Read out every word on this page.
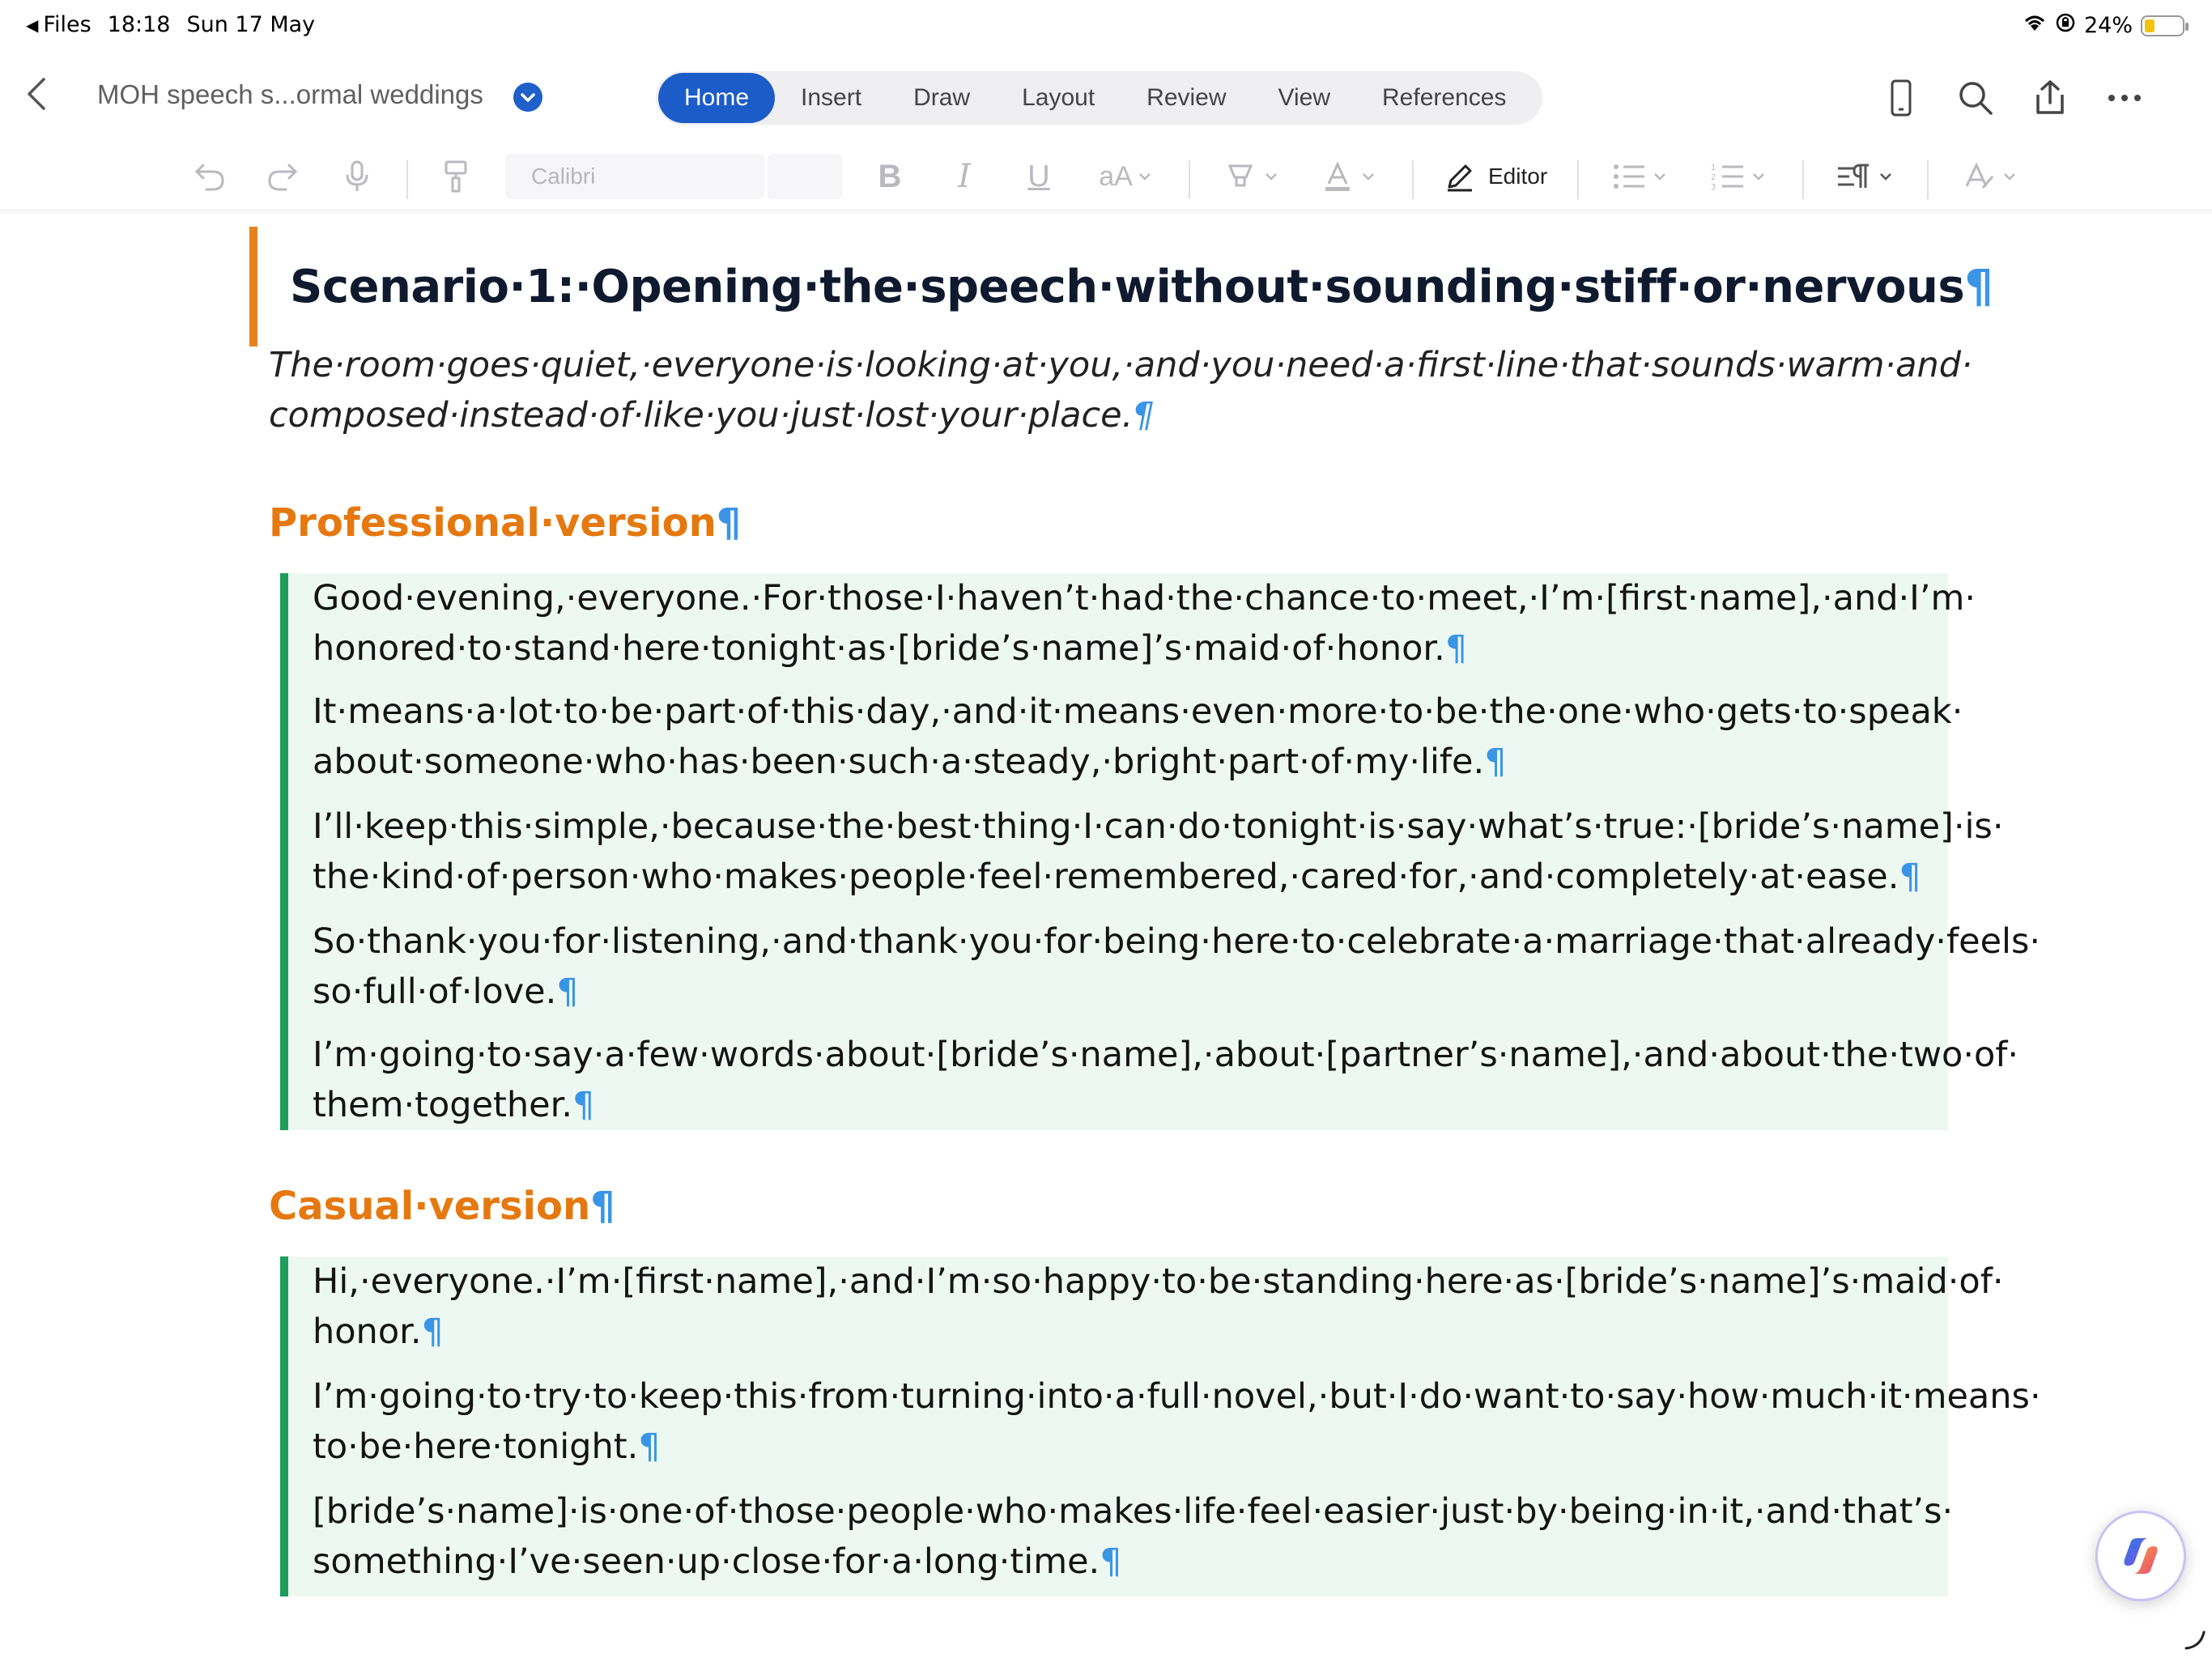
◀ Files 18:18 Sun 17 May	24%
MOH speech s...ormal weddings	Home	Insert	Draw	Layout	Review	View	References
Calibri	B	I	U	aA	Editor	1
2
3
Scenario·1:·Opening·the·speech·without·sounding·stiff·or·nervous¶
The·room·goes·quiet,·everyone·is·looking·at·you,·and·you·need·a·first·line·that·sounds·warm·and·
composed·instead·of·like·you·just·lost·your·place.¶
Professional·version¶
Good·evening,·everyone.·For·those·I·haven’t·had·the·chance·to·meet,·I’m·[first·name],·and·I’m·
honored·to·stand·here·tonight·as·[bride’s·name]’s·maid·of·honor.¶
It·means·a·lot·to·be·part·of·this·day,·and·it·means·even·more·to·be·the·one·who·gets·to·speak·
about·someone·who·has·been·such·a·steady,·bright·part·of·my·life.¶
I’ll·keep·this·simple,·because·the·best·thing·I·can·do·tonight·is·say·what’s·true:·[bride’s·name]·is·
the·kind·of·person·who·makes·people·feel·remembered,·cared·for,·and·completely·at·ease.¶
So·thank·you·for·listening,·and·thank·you·for·being·here·to·celebrate·a·marriage·that·already·feels·
so·full·of·love.¶
I’m·going·to·say·a·few·words·about·[bride’s·name],·about·[partner’s·name],·and·about·the·two·of·
them·together.¶
Casual·version¶
Hi,·everyone.·I’m·[first·name],·and·I’m·so·happy·to·be·standing·here·as·[bride’s·name]’s·maid·of·
honor.¶
I’m·going·to·try·to·keep·this·from·turning·into·a·full·novel,·but·I·do·want·to·say·how·much·it·means·
to·be·here·tonight.¶
[bride’s·name]·is·one·of·those·people·who·makes·life·feel·easier·just·by·being·in·it,·and·that’s·
something·I’ve·seen·up·close·for·a·long·time.¶
